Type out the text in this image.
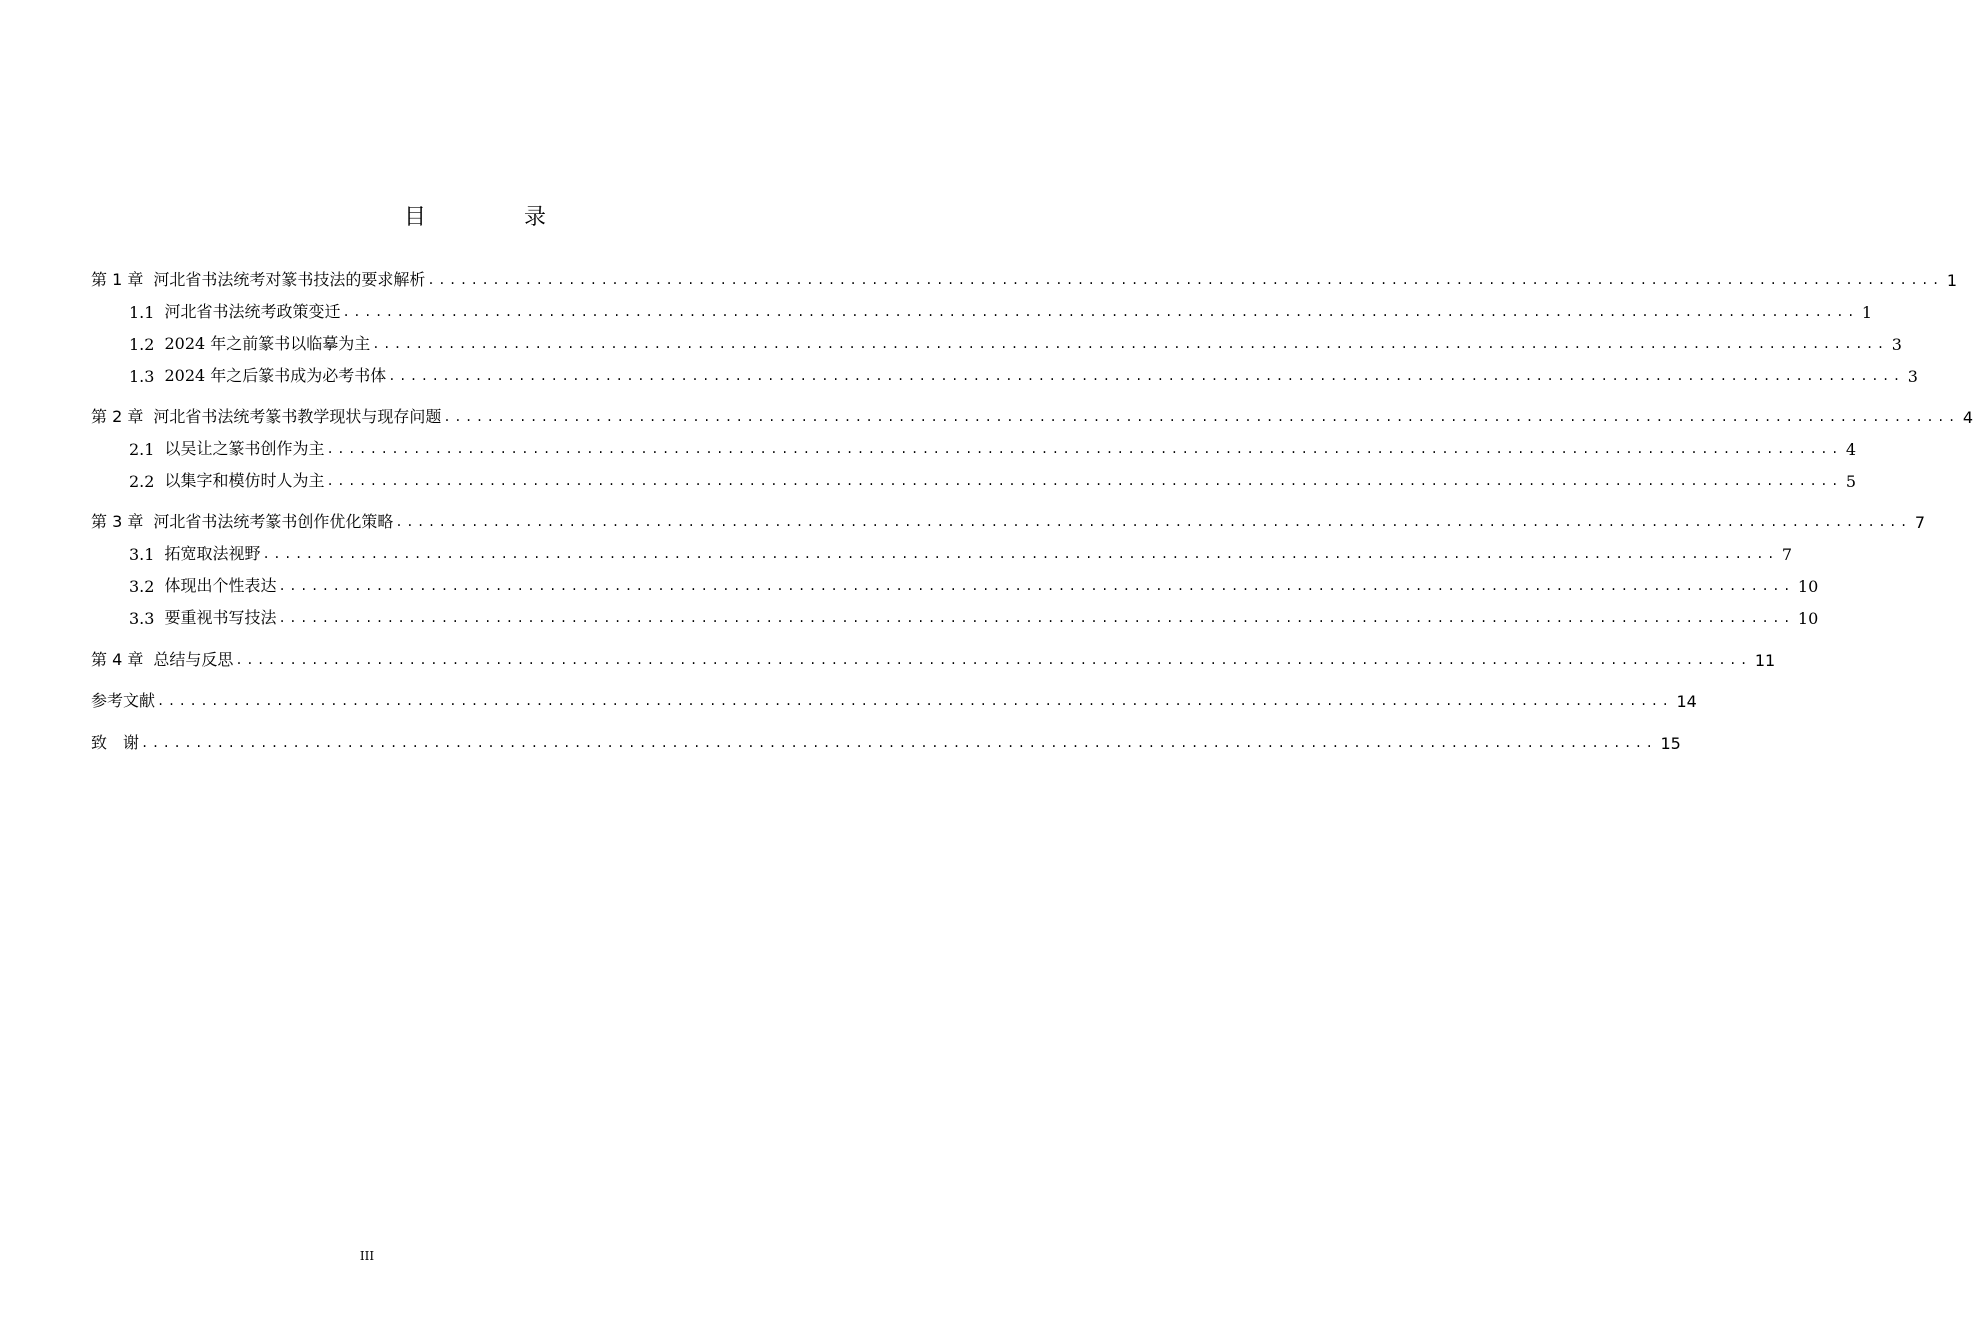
目　录
第 1 章 河北省书法统考对篆书技法的要求解析 ............................................................................................................................................ 1
1.1 河北省书法统考政策变迁 ............................................................................................................................................ 1
1.2 2024 年之前篆书以临摹为主 ............................................................................................................................................ 3
1.3 2024 年之后篆书成为必考书体 ............................................................................................................................................ 3
第 2 章 河北省书法统考篆书教学现状与现存问题 ............................................................................................................................................ 4
2.1 以吴让之篆书创作为主 ............................................................................................................................................ 4
2.2 以集字和模仿时人为主 ............................................................................................................................................ 5
第 3 章 河北省书法统考篆书创作优化策略 ............................................................................................................................................ 7
3.1 拓宽取法视野 ............................................................................................................................................ 7
3.2 体现出个性表达 ............................................................................................................................................ 10
3.3 要重视书写技法 ............................................................................................................................................ 10
第 4 章 总结与反思 ............................................................................................................................................ 11
参考文献 ............................................................................................................................................ 14
致　谢 ............................................................................................................................................ 15
III
